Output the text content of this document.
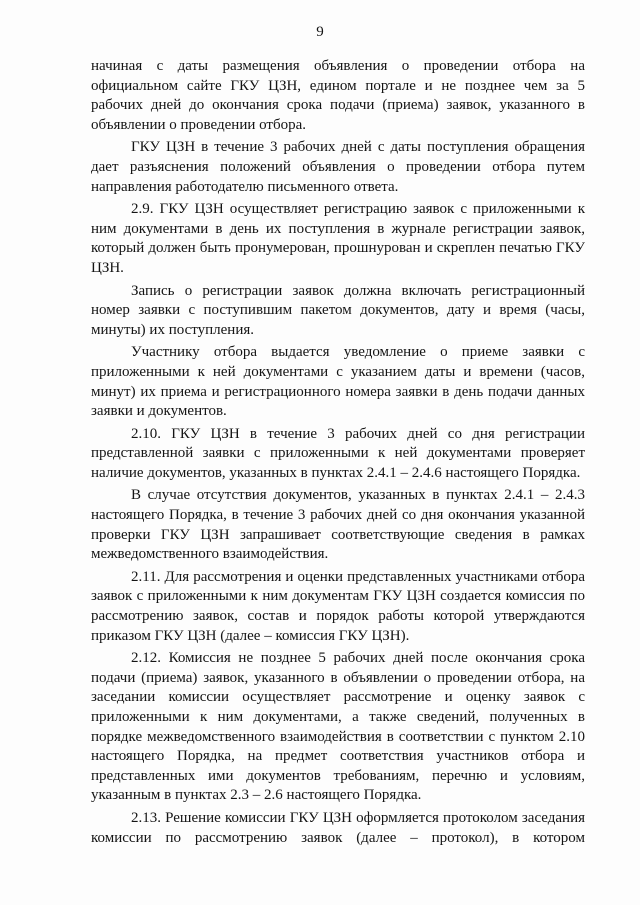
9

начиная с даты размещения объявления о проведении отбора на официальном сайте ГКУ ЦЗН, едином портале и не позднее чем за 5 рабочих дней до окончания срока подачи (приема) заявок, указанного в объявлении о проведении отбора.

ГКУ ЦЗН в течение 3 рабочих дней с даты поступления обращения дает разъяснения положений объявления о проведении отбора путем направления работодателю письменного ответа.

2.9. ГКУ ЦЗН осуществляет регистрацию заявок с приложенными к ним документами в день их поступления в журнале регистрации заявок, который должен быть пронумерован, прошнурован и скреплен печатью ГКУ ЦЗН.

Запись о регистрации заявок должна включать регистрационный номер заявки с поступившим пакетом документов, дату и время (часы, минуты) их поступления.

Участнику отбора выдается уведомление о приеме заявки с приложенными к ней документами с указанием даты и времени (часов, минут) их приема и регистрационного номера заявки в день подачи данных заявки и документов.

2.10. ГКУ ЦЗН в течение 3 рабочих дней со дня регистрации представленной заявки с приложенными к ней документами проверяет наличие документов, указанных в пунктах 2.4.1 – 2.4.6 настоящего Порядка.

В случае отсутствия документов, указанных в пунктах 2.4.1 – 2.4.3 настоящего Порядка, в течение 3 рабочих дней со дня окончания указанной проверки ГКУ ЦЗН запрашивает соответствующие сведения в рамках межведомственного взаимодействия.

2.11. Для рассмотрения и оценки представленных участниками отбора заявок с приложенными к ним документам ГКУ ЦЗН создается комиссия по рассмотрению заявок, состав и порядок работы которой утверждаются приказом ГКУ ЦЗН (далее – комиссия ГКУ ЦЗН).

2.12. Комиссия не позднее 5 рабочих дней после окончания срока подачи (приема) заявок, указанного в объявлении о проведении отбора, на заседании комиссии осуществляет рассмотрение и оценку заявок с приложенными к ним документами, а также сведений, полученных в порядке межведомственного взаимодействия в соответствии с пунктом 2.10 настоящего Порядка, на предмет соответствия участников отбора и представленных ими документов требованиям, перечню и условиям, указанным в пунктах 2.3 – 2.6 настоящего Порядка.

2.13. Решение комиссии ГКУ ЦЗН оформляется протоколом заседания комиссии по рассмотрению заявок (далее – протокол), в котором
